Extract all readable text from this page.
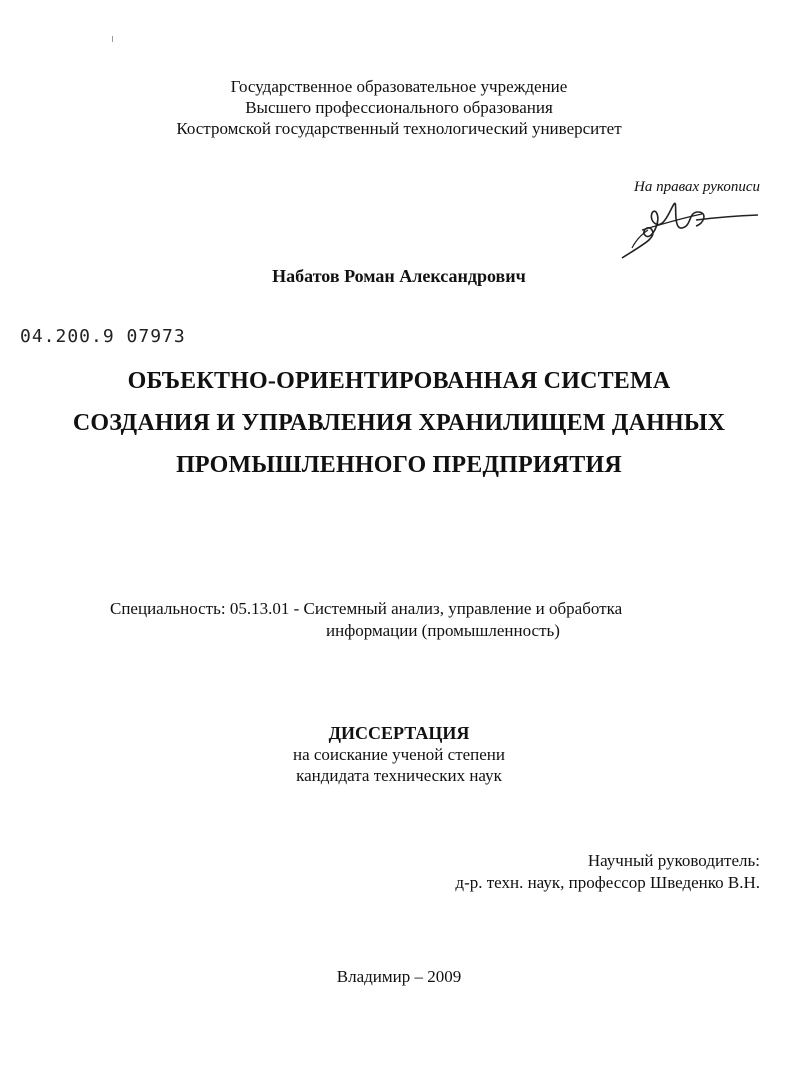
Государственное образовательное учреждение
Высшего профессионального образования
Костромской государственный технологический университет
На правах рукописи
Набатов Роман Александрович
04.200.9 07973
ОБЪЕКТНО-ОРИЕНТИРОВАННАЯ СИСТЕМА
СОЗДАНИЯ И УПРАВЛЕНИЯ ХРАНИЛИЩЕМ ДАННЫХ
ПРОМЫШЛЕННОГО ПРЕДПРИЯТИЯ
Специальность: 05.13.01 - Системный анализ, управление и обработка
информации (промышленность)
ДИССЕРТАЦИЯ
на соискание ученой степени
кандидата технических наук
Научный руководитель:
д-р. техн. наук, профессор Шведенко В.Н.
Владимир – 2009
